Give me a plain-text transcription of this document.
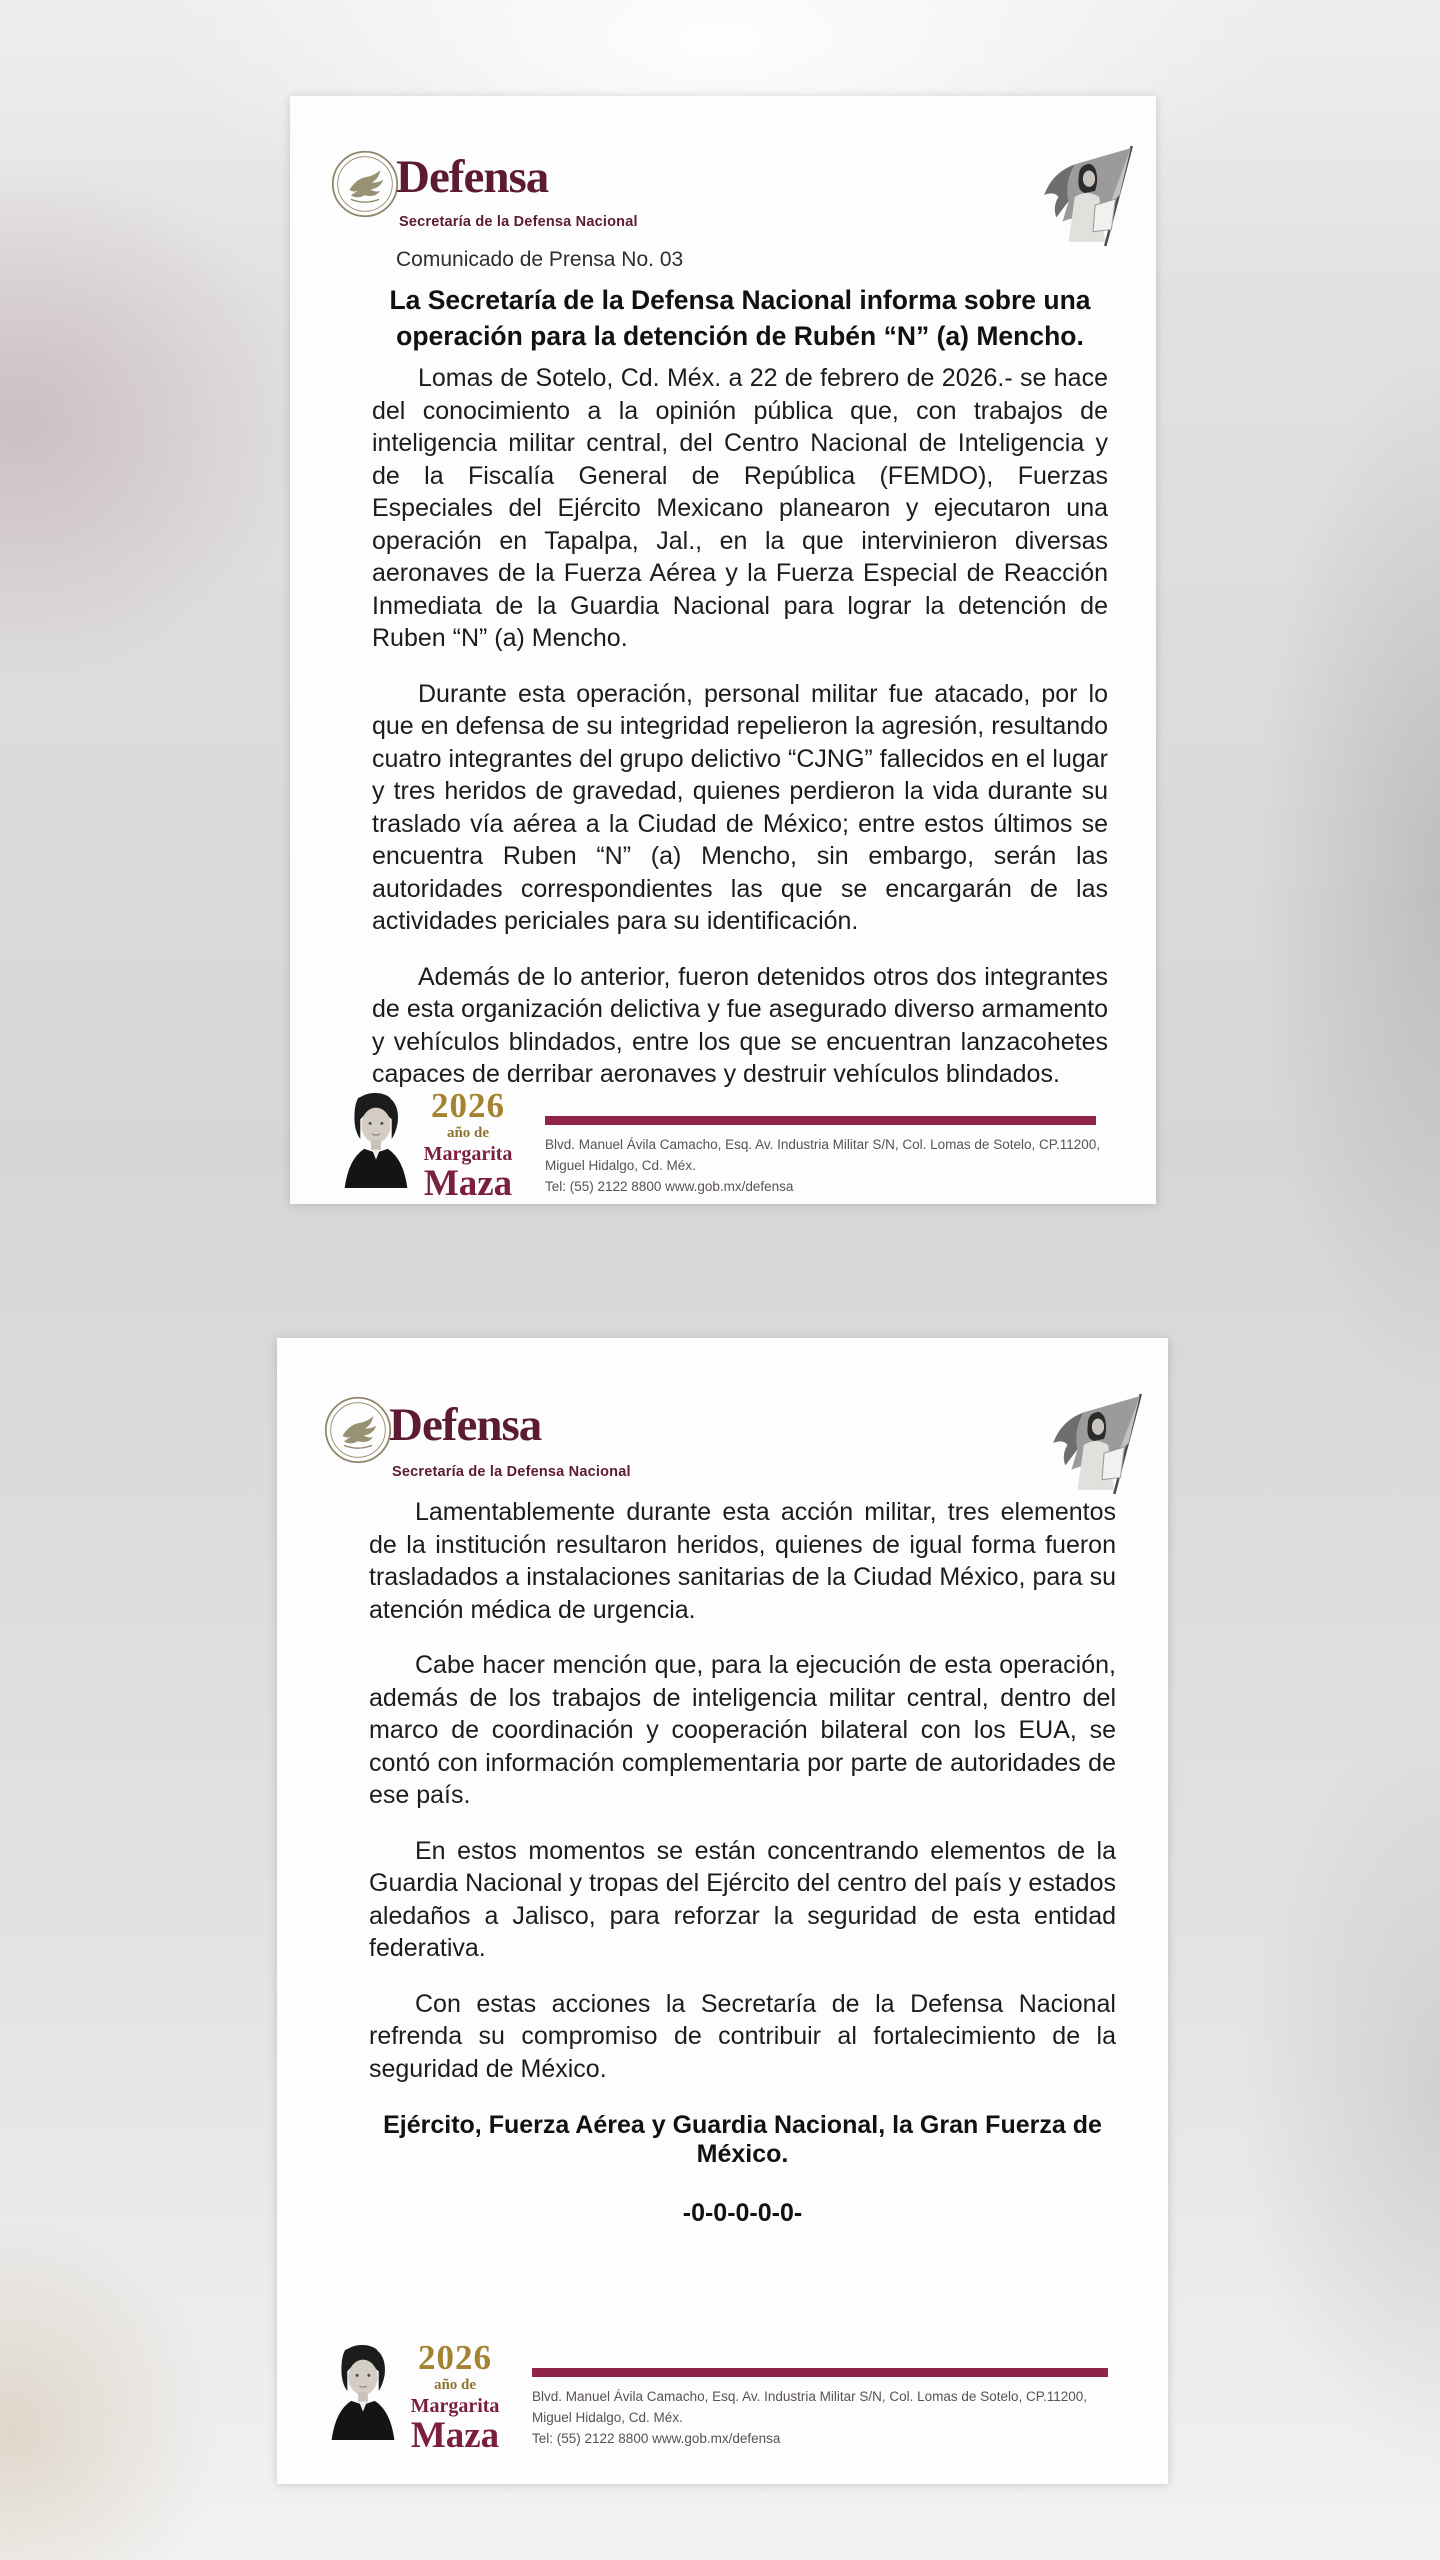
Defensa
Secretaría de la Defensa Nacional
Comunicado de Prensa No. 03
La Secretaría de la Defensa Nacional informa sobre una
operación para la detención de Rubén “N” (a) Mencho.

Lomas de Sotelo, Cd. Méx. a 22 de febrero de 2026.- se hace del conocimiento a la opinión pública que, con trabajos de inteligencia militar central, del Centro Nacional de Inteligencia y de la Fiscalía General de República (FEMDO), Fuerzas Especiales del Ejército Mexicano planearon y ejecutaron una operación en Tapalpa, Jal., en la que intervinieron diversas aeronaves de la Fuerza Aérea y la Fuerza Especial de Reacción Inmediata de la Guardia Nacional para lograr la detención de Ruben “N” (a) Mencho.

Durante esta operación, personal militar fue atacado, por lo que en defensa de su integridad repelieron la agresión, resultando cuatro integrantes del grupo delictivo “CJNG” fallecidos en el lugar y tres heridos de gravedad, quienes perdieron la vida durante su traslado vía aérea a la Ciudad de México; entre estos últimos se encuentra Ruben “N” (a) Mencho, sin embargo, serán las autoridades correspondientes las que se encargarán de las actividades periciales para su identificación.

Además de lo anterior, fueron detenidos otros dos integrantes de esta organización delictiva y fue asegurado diverso armamento y vehículos blindados, entre los que se encuentran lanzacohetes capaces de derribar aeronaves y destruir vehículos blindados.

2026
año de
Margarita
Maza
Blvd. Manuel Ávila Camacho, Esq. Av. Industria Militar S/N, Col. Lomas de Sotelo, CP.11200, Miguel Hidalgo, Cd. Méx.
Tel: (55) 2122 8800 www.gob.mx/defensa
Defensa
Secretaría de la Defensa Nacional

Lamentablemente durante esta acción militar, tres elementos de la institución resultaron heridos, quienes de igual forma fueron trasladados a instalaciones sanitarias de la Ciudad México, para su atención médica de urgencia.

Cabe hacer mención que, para la ejecución de esta operación, además de los trabajos de inteligencia militar central, dentro del marco de coordinación y cooperación bilateral con los EUA, se contó con información complementaria por parte de autoridades de ese país.

En estos momentos se están concentrando elementos de la Guardia Nacional y tropas del Ejército del centro del país y estados aledaños a Jalisco, para reforzar la seguridad de esta entidad federativa.

Con estas acciones la Secretaría de la Defensa Nacional refrenda su compromiso de contribuir al fortalecimiento de la seguridad de México.

Ejército, Fuerza Aérea y Guardia Nacional, la Gran Fuerza de México.
-0-0-0-0-0-
2026
año de
Margarita
Maza
Blvd. Manuel Ávila Camacho, Esq. Av. Industria Militar S/N, Col. Lomas de Sotelo, CP.11200, Miguel Hidalgo, Cd. Méx.
Tel: (55) 2122 8800 www.gob.mx/defensa
